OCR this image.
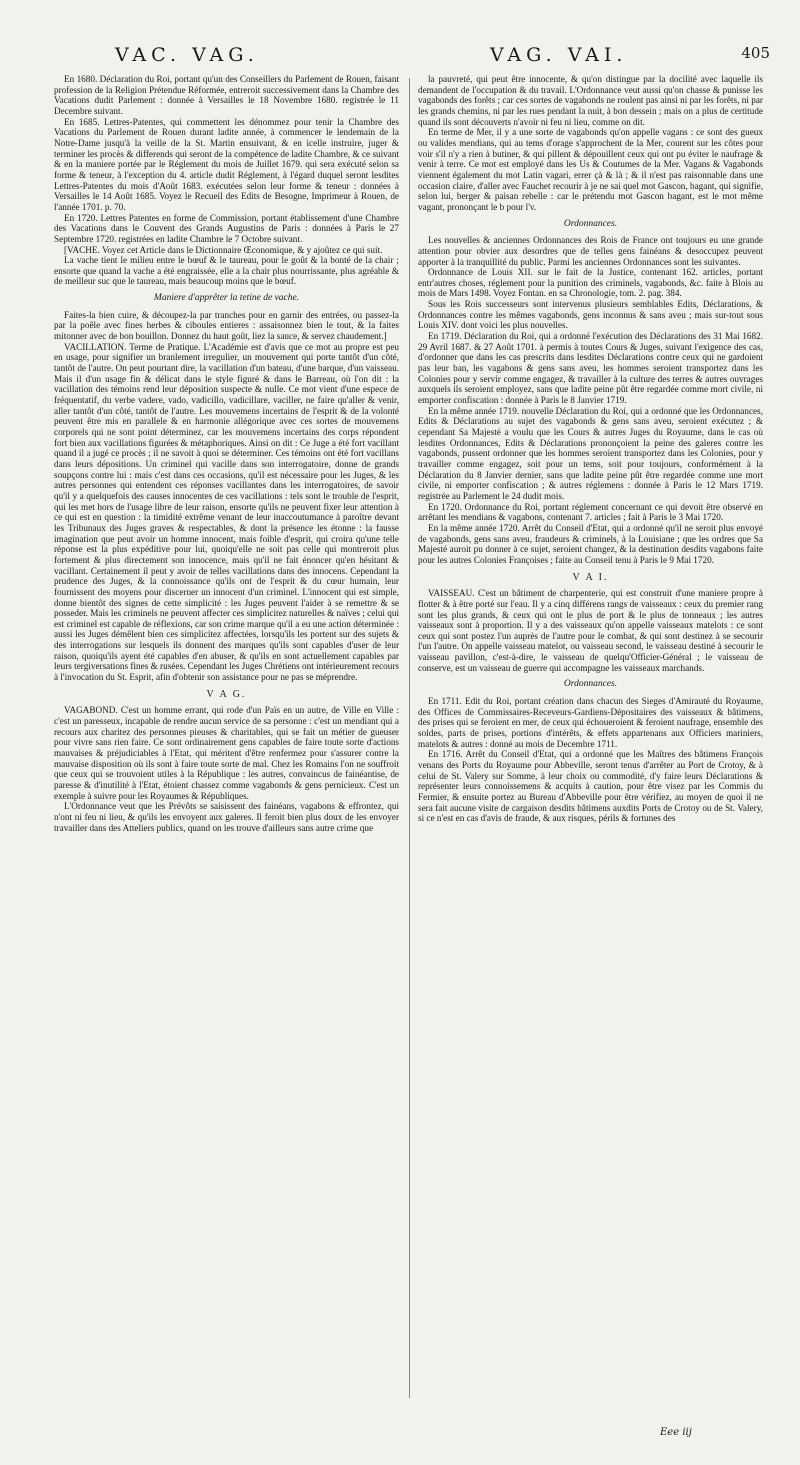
VAC. VAG.	VAG. VAI.	405

En 1680. Déclaration du Roi, portant qu'un des Conseillers du Parlement de Rouen, faisant profession de la Religion Prétendue Réformée, entreroit successivement dans la Chambre des Vacations dudit Parlement : donnée à Versailles le 18 Novembre 1680. registrée le 11 Decembre suivant.

En 1685. Lettres-Patentes, qui commettent les dénommez pour tenir la Chambre des Vacations du Parlement de Rouen durant ladite année, à commencer le lendemain de la Notre-Dame jusqu'à la veille de la St. Martin ensuivant, & en icelle instruire, juger & terminer les procès & differends qui seront de la compétence de ladite Chambre, & ce suivant & en la maniere portée par le Réglement du mois de Juillet 1679. qui sera exécuté selon sa forme & teneur, à l'exception du 4. article dudit Réglement, à l'égard duquel seront lesdites Lettres-Patentes du mois d'Août 1683. exécutées selon leur forme & teneur : données à Versailles le 14 Août 1685. Voyez le Recueil des Edits de Besogne, Imprimeur à Rouen, de l'année 1701. p. 70.

En 1720. Lettres Patentes en forme de Commission, portant établissement d'une Chambre des Vacations dans le Couvent des Grands Augustins de Paris : données à Paris le 27 Septembre 1720. registrées en ladite Chambre le 7 Octobre suivant.

[VACHE. Voyez cet Article dans le Dictionnaire Œconomique, & y ajoûtez ce qui suit.

La vache tient le milieu entre le bœuf & le taureau, pour le goût & la bonté de la chair ; ensorte que quand la vache a été engraissée, elle a la chair plus nourrissante, plus agréable & de meilleur suc que le taureau, mais beaucoup moins que le bœuf.

Maniere d'apprêter la tetine de vache.

Faites-la bien cuire, & découpez-la par tranches pour en garnir des entrées, ou passez-la par la poêle avec fines herbes & ciboules entieres : assaisonnez bien le tout, & la faites mitonner avec de bon bouillon. Donnez du haut goût, liez la sauce, & servez chaudement.]

VACILLATION. Terme de Pratique. L'Académie est d'avis que ce mot au propre est peu en usage, pour signifier un branlement irregulier, un mouvement qui porte tantôt d'un côté, tantôt de l'autre. On peut pourtant dire, la vacillation d'un bateau, d'une barque, d'un vaisseau. Mais il d'un usage fin & délicat dans le style figuré & dans le Barreau, où l'on dit : la vacillation des témoins rend leur déposition suspecte & nulle. Ce mot vient d'une espece de fréquentatif, du verbe vadere, vado, vadicillo, vadicillare, vaciller, ne faire qu'aller & venir, aller tantôt d'un côté, tantôt de l'autre. Les mouvemens incertains de l'esprit & de la volonté peuvent être mis en parallele & en harmonie allégorique avec ces sortes de mouvemens corporels qui ne sont point déterminez, car les mouvemens incertains des corps répondent fort bien aux vacillations figurées & métaphoriques. Ainsi on dit : Ce Juge a été fort vacillant quand il a jugé ce procès ; il ne savoit à quoi se déterminer. Ces témoins ont été fort vacillans dans leurs dépositions. Un criminel qui vacille dans son interrogatoire, donne de grands soupçons contre lui : mais c'est dans ces occasions, qu'il est nécessaire pour les Juges, & les autres personnes qui entendent ces réponses vacillantes dans les interrogatoires, de savoir qu'il y a quelquefois des causes innocentes de ces vacillations : tels sont le trouble de l'esprit, qui les met hors de l'usage libre de leur raison, ensorte qu'ils ne peuvent fixer leur attention à ce qui est en question : la timidité extrême venant de leur inaccoutumance à paroître devant les Tribunaux des Juges graves & respectables, & dont la présence les étonne : la fausse imagination que peut avoir un homme innocent, mais foible d'esprit, qui croira qu'une telle réponse est la plus expéditive pour lui, quoiqu'elle ne soit pas celle qui montreroit plus fortement & plus directement son innocence, mais qu'il ne fait énoncer qu'en hésitant & vacillant. Certainement il peut y avoir de telles vacillations dans des innocens. Cependant la prudence des Juges, & la connoissance qu'ils ont de l'esprit & du cœur humain, leur fournissent des moyens pour discerner un innocent d'un criminel. L'innocent qui est simple, donne bientôt des signes de cette simplicité : les Juges peuvent l'aider à se remettre & se posseder. Mais les criminels ne peuvent affecter ces simplicitez naturelles & naïves ; celui qui est criminel est capable de réflexions, car son crime marque qu'il a eu une action déterminée : aussi les Juges démêlent bien ces simplicitez affectées, lorsqu'ils les portent sur des sujets & des interrogations sur lesquels ils donnent des marques qu'ils sont capables d'user de leur raison, quoiqu'ils ayent été capables d'en abuser, & qu'ils en sont actuellement capables par leurs tergiversations fines & rusées. Cependant les Juges Chrétiens ont intérieurement recours à l'invocation du St. Esprit, afin d'obtenir son assistance pour ne pas se méprendre.

V A G.

VAGABOND. C'est un homme errant, qui rode d'un Païs en un autre, de Ville en Ville : c'est un paresseux, incapable de rendre aucun service de sa personne : c'est un mendiant qui a recours aux charitez des personnes pieuses & charitables, qui se fait un métier de gueuser pour vivre sans rien faire. Ce sont ordinairement gens capables de faire toute sorte d'actions mauvaises & préjudiciables à l'Etat, qui méritent d'être renfermez pour s'assurer contre la mauvaise disposition où ils sont à faire toute sorte de mal. Chez les Romains l'on ne souffroit que ceux qui se trouvoient utiles à la République : les autres, convaincus de fainéantise, de paresse & d'inutilité à l'Etat, étoient chassez comme vagabonds & gens pernicieux. C'est un exemple à suivre pour les Royaumes & Républiques.

L'Ordonnance veut que les Prévôts se saisissent des fainéans, vagabons & effrontez, qui n'ont ni feu ni lieu, & qu'ils les envoyent aux galeres. Il feroit bien plus doux de les envoyer travailler dans des Atteliers publics, quand on les trouve d'ailleurs sans autre crime que

la pauvreté, qui peut être innocente, & qu'on distingue par la docilité avec laquelle ils demandent de l'occupation & du travail. L'Ordonnance veut aussi qu'on chasse & punisse les vagabonds des forêts ; car ces sortes de vagabonds ne roulent pas ainsi ni par les forêts, ni par les grands chemins, ni par les rues pendant la nuit, à bon dessein ; mais on a plus de certitude quand ils sont découverts n'avoir ni feu ni lieu, comme on dit.

En terme de Mer, il y a une sorte de vagabonds qu'on appelle vagans : ce sont des gueux ou valides mendians, qui au tems d'orage s'approchent de la Mer, courent sur les côtes pour voir s'il n'y a rien à butiner, & qui pillent & dépouillent ceux qui ont pu éviter le naufrage & venir à terre. Ce mot est employé dans les Us & Coutumes de la Mer. Vagans & Vagabonds viennent également du mot Latin vagari, errer çà & là ; & il n'est pas raisonnable dans une occasion claire, d'aller avec Fauchet recourir à je ne sai quel mot Gascon, bagant, qui signifie, selon lui, berger & paisan rebelle : car le prétendu mot Gascon bagant, est le mot même vagant, prononçant le b pour l'v.

Ordonnances.

Les nouvelles & anciennes Ordonnances des Rois de France ont toujours eu une grande attention pour obvier aux desordres que de telles gens fainéans & desoccupez peuvent apporter à la tranquillité du public. Parmi les anciennes Ordonnances sont les suivantes.

Ordonnance de Louis XII. sur le fait de la Justice, contenant 162. articles, portant entr'autres choses, réglement pour la punition des criminels, vagabonds, &c. faite à Blois au mois de Mars 1498. Voyez Fontan. en sa Chronologie, tom. 2. pag. 384.

Sous les Rois successeurs sont intervenus plusieurs semblables Edits, Déclarations, & Ordonnances contre les mêmes vagabonds, gens inconnus & sans aveu ; mais sur-tout sous Louis XIV. dont voici les plus nouvelles.

En 1719. Déclaration du Roi, qui a ordonné l'exécution des Déclarations des 31 Mai 1682. 29 Avril 1687. & 27 Août 1701. à permis à toutes Cours & Juges, suivant l'exigence des cas, d'ordonner que dans les cas prescrits dans lesdites Déclarations contre ceux qui ne gardoient pas leur ban, les vagabons & gens sans aveu, les hommes seroient transportez dans les Colonies pour y servir comme engagez, & travailler à la culture des terres & autres ouvrages auxquels ils seroient employez, sans que ladite peine pût être regardée comme mort civile, ni emporter confiscation : donnée à Paris le 8 Janvier 1719.

En la même année 1719. nouvelle Déclaration du Roi, qui a ordonné que les Ordonnances, Edits & Déclarations au sujet des vagabonds & gens sans aveu, seroient exécutez ; & cependant Sa Majesté a voulu que les Cours & autres Juges du Royaume, dans le cas où lesdites Ordonnances, Edits & Déclarations prononçoient la peine des galeres contre les vagabonds, pussent ordonner que les hommes seroient transportez dans les Colonies, pour y travailler comme engagez, soit pour un tems, soit pour toujours, conformément à la Déclaration du 8 Janvier dernier, sans que ladite peine pût être regardée comme une mort civile, ni emporter confiscation ; & autres réglemens : donnée à Paris le 12 Mars 1719. registrée au Parlement le 24 dudit mois.

En 1720. Ordonnance du Roi, portant réglement concernant ce qui devoit être observé en arrêtant les mendians & vagabons, contenant 7. articles ; fait à Paris le 3 Mai 1720.

En la même année 1720. Arrêt du Conseil d'Etat, qui a ordonné qu'il ne seroit plus envoyé de vagabonds, gens sans aveu, fraudeurs & criminels, à la Louisiane ; que les ordres que Sa Majesté auroit pu donner à ce sujet, seroient changez, & la destination desdits vagabons faite pour les autres Colonies Françoises ; faite au Conseil tenu à Paris le 9 Mai 1720.

V A I.

VAISSEAU. C'est un bâtiment de charpenterie, qui est construit d'une maniere propre à flotter & à être porté sur l'eau. Il y a cinq différens rangs de vaisseaux : ceux du premier rang sont les plus grands, & ceux qui ont le plus de port & le plus de tonneaux ; les autres vaisseaux sont à proportion. Il y a des vaisseaux qu'on appelle vaisseaux matelots : ce sont ceux qui sont postez l'un auprès de l'autre pour le combat, & qui sont destinez à se secourir l'un l'autre. On appelle vaisseau matelot, ou vaisseau second, le vaisseau destiné à secourir le vaisseau pavillon, c'est-à-dire, le vaisseau de quelqu'Officier-Général ; le vaisseau de conserve, est un vaisseau de guerre qui accompagne les vaisseaux marchands.

Ordonnances.

En 1711. Edit du Roi, portant création dans chacun des Sieges d'Amirauté du Royaume, des Offices de Commissaires-Receveurs-Gardiens-Dépositaires des vaisseaux & bâtimens, des prises qui se feroient en mer, de ceux qui échoueroient & feroient naufrage, ensemble des soldes, parts de prises, portions d'intérêts, & effets appartenans aux Officiers mariniers, matelots & autres : donné au mois de Decembre 1711.

En 1716. Arrêt du Conseil d'Etat, qui a ordonné que les Maîtres des bâtimens François venans des Ports du Royaume pour Abbeville, seront tenus d'arrêter au Port de Crotoy, & à celui de St. Valery sur Somme, à leur choix ou commodité, d'y faire leurs Déclarations & représenter leurs connoissemens & acquits à caution, pour être visez par les Commis du Fermier, & ensuite portez au Bureau d'Abbeville pour être vérifiez, au moyen de quoi il ne sera fait aucune visite de cargaison desdits bâtimens auxdits Ports de Crotoy ou de St. Valery, si ce n'est en cas d'avis de fraude, & aux risques, périls & fortunes des

Eee iij
